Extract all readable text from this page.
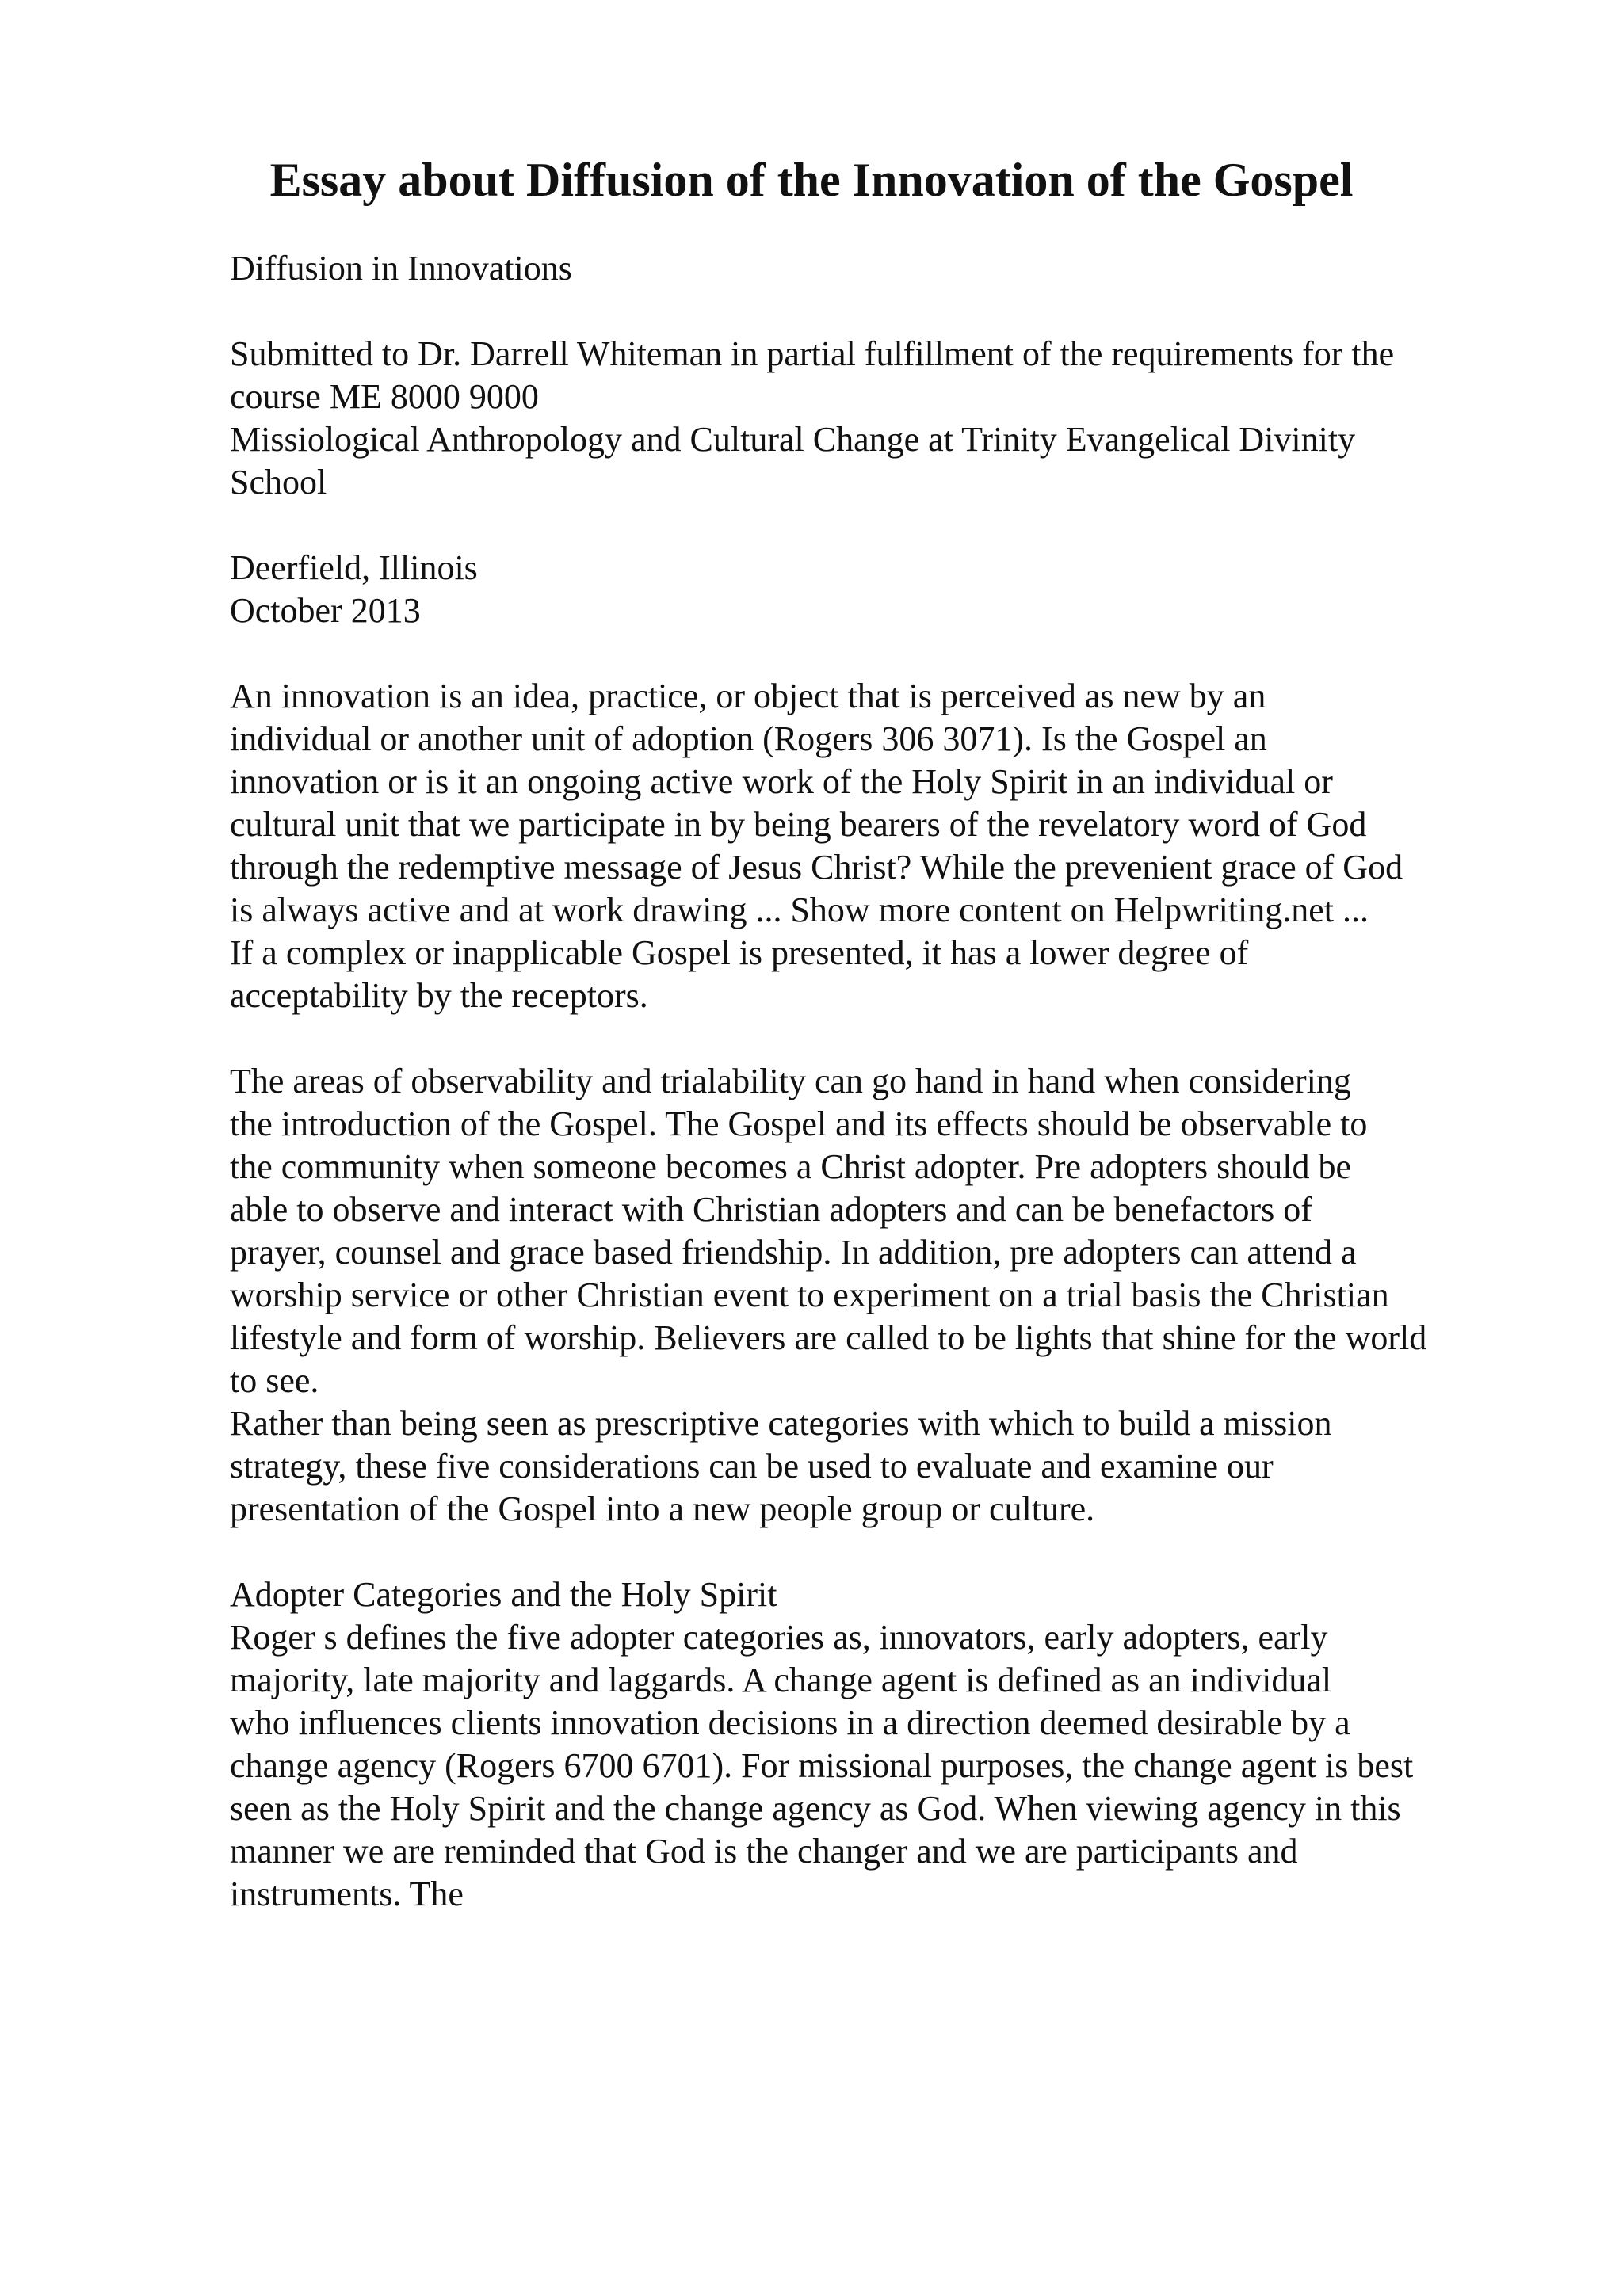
Essay about Diffusion of the Innovation of the Gospel

Diffusion in Innovations

Submitted to Dr. Darrell Whiteman in partial fulfillment of the requirements for the

course ME 8000 9000

Missiological Anthropology and Cultural Change at Trinity Evangelical Divinity

School

Deerfield, Illinois

October 2013

An innovation is an idea, practice, or object that is perceived as new by an

individual or another unit of adoption (Rogers 306 3071). Is the Gospel an

innovation or is it an ongoing active work of the Holy Spirit in an individual or

cultural unit that we participate in by being bearers of the revelatory word of God

through the redemptive message of Jesus Christ? While the prevenient grace of God

is always active and at work drawing ... Show more content on Helpwriting.net ...

If a complex or inapplicable Gospel is presented, it has a lower degree of

acceptability by the receptors.

The areas of observability and trialability can go hand in hand when considering

the introduction of the Gospel. The Gospel and its effects should be observable to

the community when someone becomes a Christ adopter. Pre adopters should be

able to observe and interact with Christian adopters and can be benefactors of

prayer, counsel and grace based friendship. In addition, pre adopters can attend a

worship service or other Christian event to experiment on a trial basis the Christian

lifestyle and form of worship. Believers are called to be lights that shine for the world

to see.

Rather than being seen as prescriptive categories with which to build a mission

strategy, these five considerations can be used to evaluate and examine our

presentation of the Gospel into a new people group or culture.

Adopter Categories and the Holy Spirit

Roger s defines the five adopter categories as, innovators, early adopters, early

majority, late majority and laggards. A change agent is defined as an individual

who influences clients innovation decisions in a direction deemed desirable by a

change agency (Rogers 6700 6701). For missional purposes, the change agent is best

seen as the Holy Spirit and the change agency as God. When viewing agency in this

manner we are reminded that God is the changer and we are participants and

instruments. The
